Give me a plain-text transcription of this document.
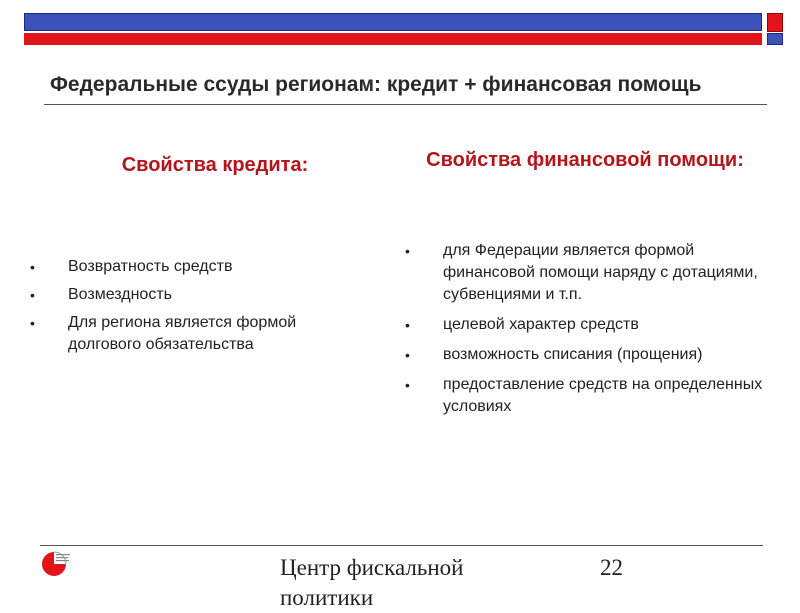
Федеральные ссуды регионам: кредит + финансовая помощь
Свойства кредита:	Свойства финансовой помощи:
• Возвратность средств
• Возмездность
• Для региона является формой долгового обязательства
• для Федерации является формой финансовой помощи наряду с дотациями, субвенциями и т.п.
• целевой характер средств
• возможность списания (прощения)
• предоставление средств на определенных условиях
Центр фискальной политики
22
